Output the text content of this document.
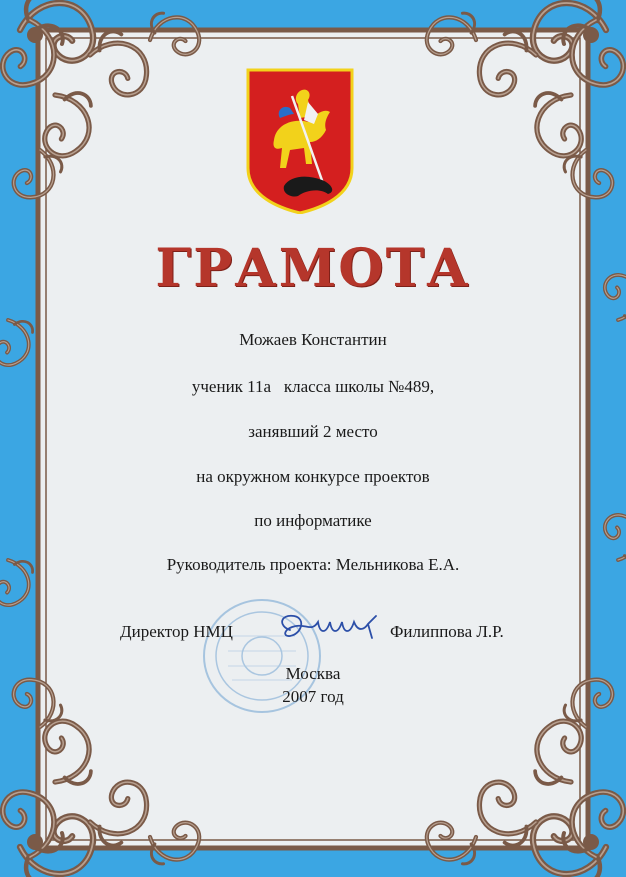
ГРАМОТА
Можаев Константин
ученик 11а   класса школы №489,
занявший 2 место
на окружном конкурсе проектов
по информатике
Руководитель проекта: Мельникова Е.А.
Директор НМЦ	Филиппова Л.Р.
Москва
2007 год
